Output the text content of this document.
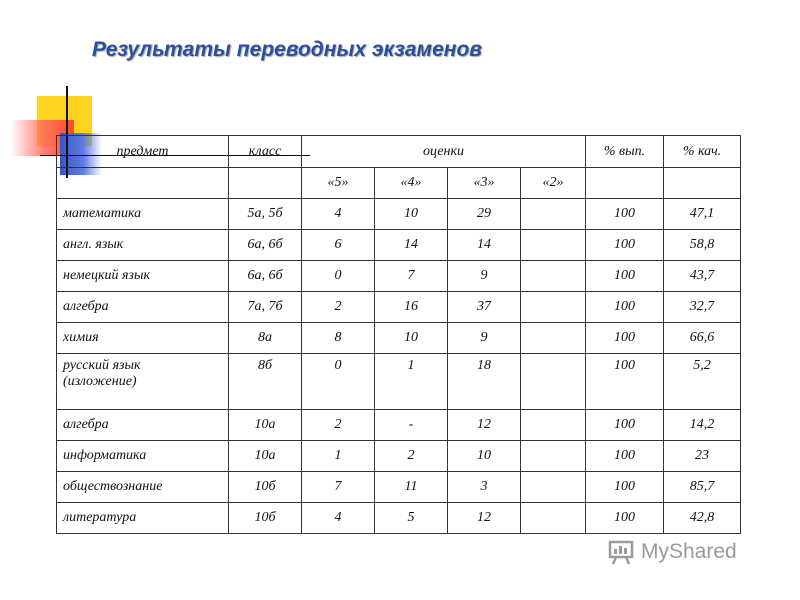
Результаты переводных экзаменов
предмет	класс	оценки				% вып.	% кач.
		«5»	«4»	«3»	«2»		
математика	5а, 5б	4	10	29		100	47,1
англ. язык	6а, 6б	6	14	14		100	58,8
немецкий язык	6а, 6б	0	7	9		100	43,7
алгебра	7а, 7б	2	16	37		100	32,7
химия	8а	8	10	9		100	66,6

русский язык
(изложение)	8б	0	1	18		100	5,2
алгебра	10а	2	-	12		100	14,2
информатика	10а	1	2	10		100	23
обществознание	10б	7	11	3		100	85,7
литература	10б	4	5	12		100	42,8
MyShared
